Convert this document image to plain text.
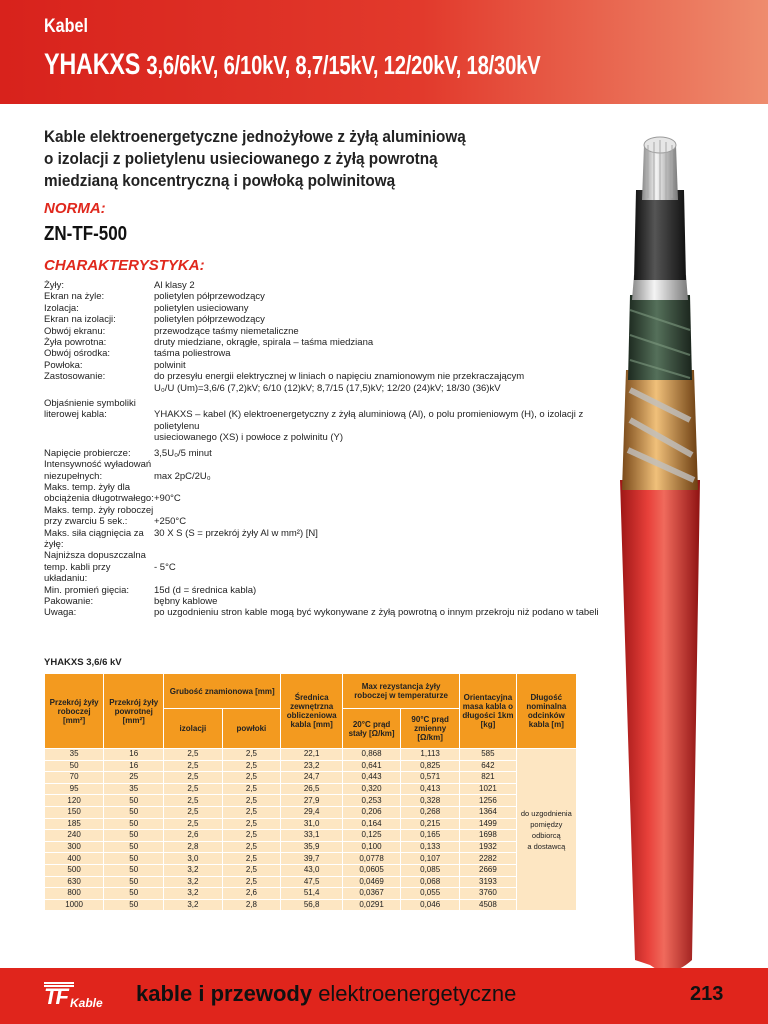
Kabel
YHAKXS 3,6/6kV, 6/10kV, 8,7/15kV, 12/20kV, 18/30kV
Kable elektroenergetyczne jednożyłowe z żyłą aluminiową
o izolacji z polietylenu usieciowanego z żyłą powrotną
miedzianą koncentryczną i powłoką polwinitową
NORMA:
ZN-TF-500
CHARAKTERYSTYKA:
Żyły:	Al klasy 2
Ekran na żyle:	polietylen półprzewodzący
Izolacja:	polietylen usieciowany
Ekran na izolacji:	polietylen półprzewodzący
Obwój ekranu:	przewodzące taśmy niemetaliczne
Żyła powrotna:	druty miedziane, okrągłe, spirala – taśma miedziana
Obwój ośrodka:	taśma poliestrowa
Powłoka:	polwinit
Zastosowanie:	do przesyłu energii elektrycznej w liniach o napięciu znamionowym nie przekraczającym
U₀/U (Um)=3,6/6 (7,2)kV; 6/10 (12)kV; 8,7/15 (17,5)kV; 12/20 (24)kV; 18/30 (36)kV
Objaśnienie symboliki
literowej kabla:	YHAKXS – kabel (K) elektroenergetyczny z żyłą aluminiową (Al), o polu promieniowym (H), o izolacji z polietylenu
usieciowanego (XS) i powłoce z polwinitu (Y)
Napięcie probiercze:	3,5U₀/5 minut
Intensywność wyładowań
niezupełnych:	max 2pC/2U₀
Maks. temp. żyły dla
obciążenia długotrwałego: +90°C
Maks. temp. żyły roboczej
przy zwarciu 5 sek.:	+250°C
Maks. siła ciągnięcia za żyłę:
30 X S (S = przekrój żyły Al w mm²) [N]
Najniższa dopuszczalna
temp. kabli przy układaniu:
- 5°C
Min. promień gięcia:	15d (d = średnica kabla)
Pakowanie:	bębny kablowe
Uwaga:	po uzgodnieniu stron kable mogą być wykonywane z żyłą powrotną o innym przekroju niż podano w tabeli
YHAKXS 3,6/6 kV
Przekrój żyły roboczej [mm²]	Przekrój żyły powrotnej [mm²]	Grubość znamionowa [mm]		Średnica zewnętrzna obliczeniowa kabla [mm]	Max rezystancja żyły roboczej w temperaturze		Orientacyjna masa kabla o długości 1km [kg]	Długość nominalna odcinków kabla [m]
		izolacji	powłoki		20°C prąd stały [Ω/km]	90°C prąd zmienny [Ω/km]		
35	16	2,5	2,5	22,1	0,868	1,113	585	do uzgodnienia
pomiędzy
odbiorcą
a dostawcą

50	16	2,5	2,5	23,2	0,641	0,825	642	
70	25	2,5	2,5	24,7	0,443	0,571	821	
95	35	2,5	2,5	26,5	0,320	0,413	1021	
120	50	2,5	2,5	27,9	0,253	0,328	1256	
150	50	2,5	2,5	29,4	0,206	0,268	1364	
185	50	2,5	2,5	31,0	0,164	0,215	1499	
240	50	2,6	2,5	33,1	0,125	0,165	1698	
300	50	2,8	2,5	35,9	0,100	0,133	1932	
400	50	3,0	2,5	39,7	0,0778	0,107	2282	
500	50	3,2	2,5	43,0	0,0605	0,085	2669	
630	50	3,2	2,5	47,5	0,0469	0,068	3193	
800	50	3,2	2,6	51,4	0,0367	0,055	3760	
1000	50	3,2	2,8	56,8	0,0291	0,046	4508	
TF Kable kable i przewody elektroenergetyczne	213
